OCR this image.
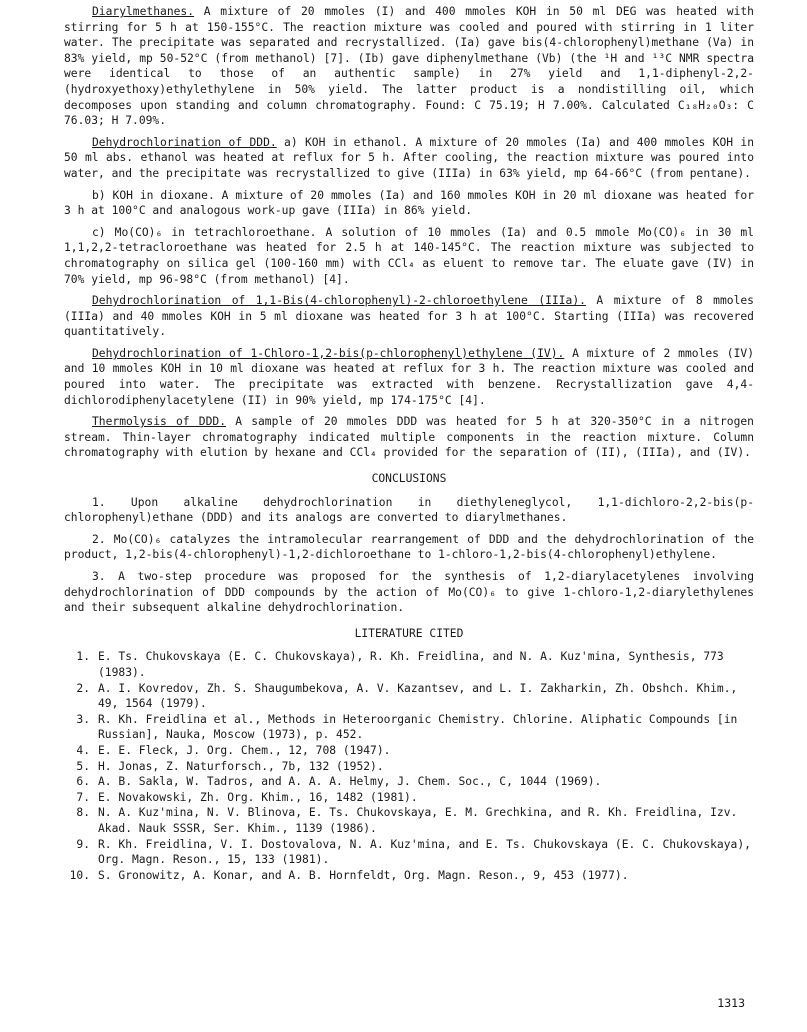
Diarylmethanes. A mixture of 20 mmoles (I) and 400 mmoles KOH in 50 ml DEG was heated with stirring for 5 h at 150-155°C. The reaction mixture was cooled and poured with stirring in 1 liter water. The precipitate was separated and recrystallized. (Ia) gave bis(4-chlorophenyl)methane (Va) in 83% yield, mp 50-52°C (from methanol) [7]. (Ib) gave diphenylmethane (Vb) (the ¹H and ¹³C NMR spectra were identical to those of an authentic sample) in 27% yield and 1,1-diphenyl-2,2-(hydroxyethoxy)ethylethylene in 50% yield. The latter product is a nondistilling oil, which decomposes upon standing and column chromatography. Found: C 75.19; H 7.00%. Calculated C₁₈H₂₀O₃: C 76.03; H 7.09%.

Dehydrochlorination of DDD. a) KOH in ethanol. A mixture of 20 mmoles (Ia) and 400 mmoles KOH in 50 ml abs. ethanol was heated at reflux for 5 h. After cooling, the reaction mixture was poured into water, and the precipitate was recrystallized to give (IIIa) in 63% yield, mp 64-66°C (from pentane).

b) KOH in dioxane. A mixture of 20 mmoles (Ia) and 160 mmoles KOH in 20 ml dioxane was heated for 3 h at 100°C and analogous work-up gave (IIIa) in 86% yield.

c) Mo(CO)₆ in tetrachloroethane. A solution of 10 mmoles (Ia) and 0.5 mmole Mo(CO)₆ in 30 ml 1,1,2,2-tetracloroethane was heated for 2.5 h at 140-145°C. The reaction mixture was subjected to chromatography on silica gel (100-160 mm) with CCl₄ as eluent to remove tar. The eluate gave (IV) in 70% yield, mp 96-98°C (from methanol) [4].

Dehydrochlorination of 1,1-Bis(4-chlorophenyl)-2-chloroethylene (IIIa). A mixture of 8 mmoles (IIIa) and 40 mmoles KOH in 5 ml dioxane was heated for 3 h at 100°C. Starting (IIIa) was recovered quantitatively.

Dehydrochlorination of 1-Chloro-1,2-bis(p-chlorophenyl)ethylene (IV). A mixture of 2 mmoles (IV) and 10 mmoles KOH in 10 ml dioxane was heated at reflux for 3 h. The reaction mixture was cooled and poured into water. The precipitate was extracted with benzene. Recrystallization gave 4,4-dichlorodiphenylacetylene (II) in 90% yield, mp 174-175°C [4].

Thermolysis of DDD. A sample of 20 mmoles DDD was heated for 5 h at 320-350°C in a nitrogen stream. Thin-layer chromatography indicated multiple components in the reaction mixture. Column chromatography with elution by hexane and CCl₄ provided for the separation of (II), (IIIa), and (IV).

CONCLUSIONS

1. Upon alkaline dehydrochlorination in diethyleneglycol, 1,1-dichloro-2,2-bis(p-chlorophenyl)ethane (DDD) and its analogs are converted to diarylmethanes.

2. Mo(CO)₆ catalyzes the intramolecular rearrangement of DDD and the dehydrochlorination of the product, 1,2-bis(4-chlorophenyl)-1,2-dichloroethane to 1-chloro-1,2-bis(4-chlorophenyl)ethylene.

3. A two-step procedure was proposed for the synthesis of 1,2-diarylacetylenes involving dehydrochlorination of DDD compounds by the action of Mo(CO)₆ to give 1-chloro-1,2-diarylethylenes and their subsequent alkaline dehydrochlorination.

LITERATURE CITED
1. E. Ts. Chukovskaya (E. C. Chukovskaya), R. Kh. Freidlina, and N. A. Kuz'mina, Synthesis, 773 (1983).
2. A. I. Kovredov, Zh. S. Shaugumbekova, A. V. Kazantsev, and L. I. Zakharkin, Zh. Obshch. Khim., 49, 1564 (1979).
3. R. Kh. Freidlina et al., Methods in Heteroorganic Chemistry. Chlorine. Aliphatic Compounds [in Russian], Nauka, Moscow (1973), p. 452.
4. E. E. Fleck, J. Org. Chem., 12, 708 (1947).
5. H. Jonas, Z. Naturforsch., 7b, 132 (1952).
6. A. B. Sakla, W. Tadros, and A. A. A. Helmy, J. Chem. Soc., C, 1044 (1969).
7. E. Novakowski, Zh. Org. Khim., 16, 1482 (1981).
8. N. A. Kuz'mina, N. V. Blinova, E. Ts. Chukovskaya, E. M. Grechkina, and R. Kh. Freidlina, Izv. Akad. Nauk SSSR, Ser. Khim., 1139 (1986).
9. R. Kh. Freidlina, V. I. Dostovalova, N. A. Kuz'mina, and E. Ts. Chukovskaya (E. C. Chukovskaya), Org. Magn. Reson., 15, 133 (1981).
10. S. Gronowitz, A. Konar, and A. B. Hornfeldt, Org. Magn. Reson., 9, 453 (1977).
1313
